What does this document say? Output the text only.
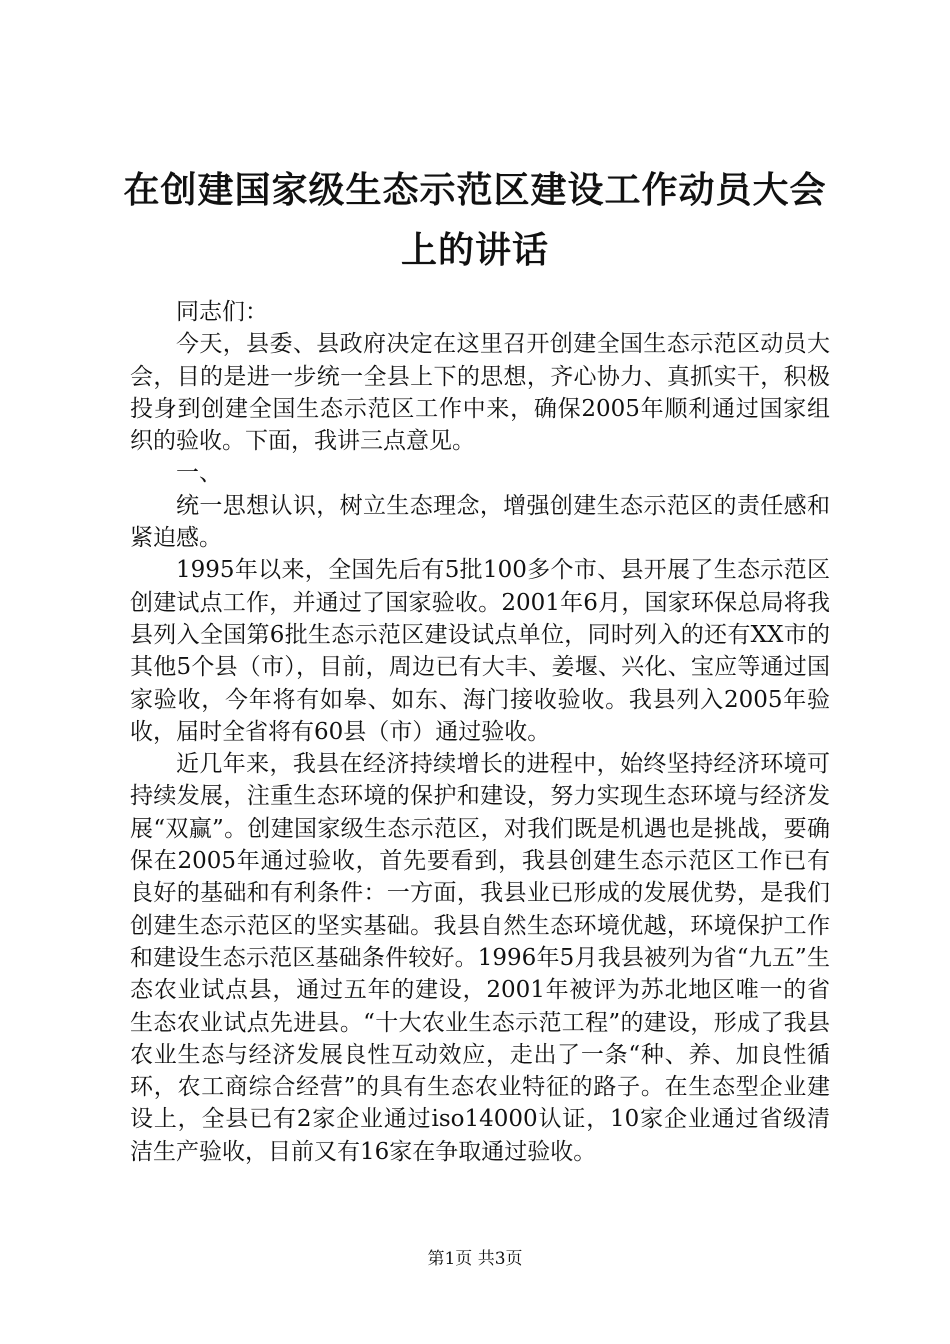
在创建国家级生态示范区建设工作动员大会上的讲话

同志们：

今天，县委、县政府决定在这里召开创建全国生态示范区动员大会，目的是进一步统一全县上下的思想，齐心协力、真抓实干，积极投身到创建全国生态示范区工作中来，确保2005年顺利通过国家组织的验收。下面，我讲三点意见。

一、

统一思想认识，树立生态理念，增强创建生态示范区的责任感和紧迫感。

1995年以来，全国先后有5批100多个市、县开展了生态示范区创建试点工作，并通过了国家验收。2001年6月，国家环保总局将我县列入全国第6批生态示范区建设试点单位，同时列入的还有XX市的其他5个县（市），目前，周边已有大丰、姜堰、兴化、宝应等通过国家验收，今年将有如皋、如东、海门接收验收。我县列入2005年验收，届时全省将有60县（市）通过验收。

近几年来，我县在经济持续增长的进程中，始终坚持经济环境可持续发展，注重生态环境的保护和建设，努力实现生态环境与经济发展“双赢”。创建国家级生态示范区，对我们既是机遇也是挑战，要确保在2005年通过验收，首先要看到，我县创建生态示范区工作已有良好的基础和有利条件：一方面，我县业已形成的发展优势，是我们创建生态示范区的坚实基础。我县自然生态环境优越，环境保护工作和建设生态示范区基础条件较好。1996年5月我县被列为省“九五”生态农业试点县，通过五年的建设，2001年被评为苏北地区唯一的省生态农业试点先进县。“十大农业生态示范工程”的建设，形成了我县农业生态与经济发展良性互动效应，走出了一条“种、养、加良性循环，农工商综合经营”的具有生态农业特征的路子。在生态型企业建设上，全县已有2家企业通过iso14000认证，10家企业通过省级清洁生产验收，目前又有16家在争取通过验收。

第1页 共3页
